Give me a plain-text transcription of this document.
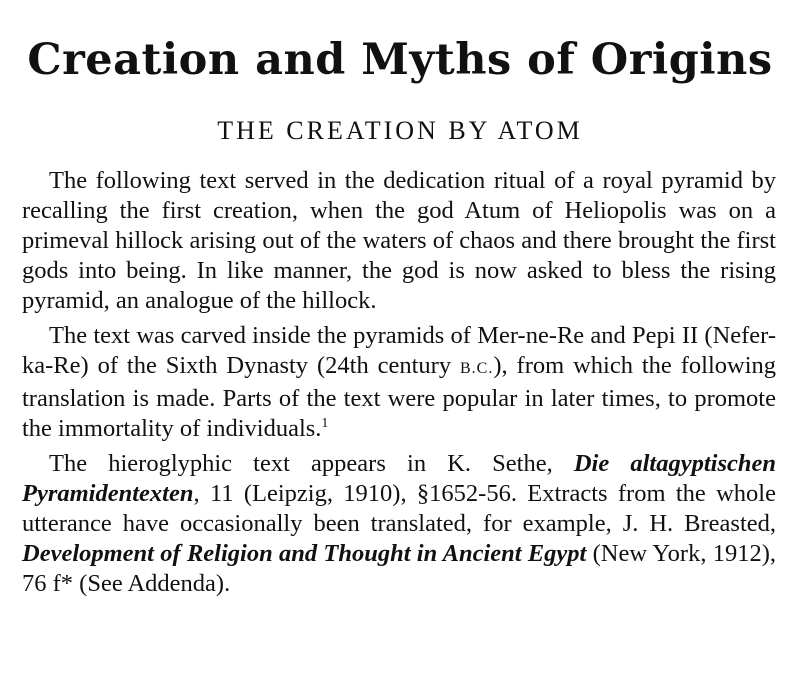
Creation and Myths of Origins
THE CREATION BY ATOM

The following text served in the dedication ritual of a royal pyramid by recalling the first creation, when the god Atum of Heliopolis was on a primeval hillock arising out of the waters of chaos and there brought the first gods into being. In like manner, the god is now asked to bless the rising pyramid, an analogue of the hillock.

The text was carved inside the pyramids of Mer-ne-Re and Pepi II (Nefer-ka-Re) of the Sixth Dynasty (24th century B.C.), from which the following translation is made. Parts of the text were popular in later times, to promote the immortality of individuals.$^1$

The hieroglyphic text appears in K. Sethe, Die altagyptischen Pyramidentexten, 11 (Leipzig, 1910), §1652-56. Extracts from the whole utterance have occasionally been translated, for example, J. H. Breasted, Development of Religion and Thought in Ancient Egypt (New York, 1912), 76 f* (See Addenda).
